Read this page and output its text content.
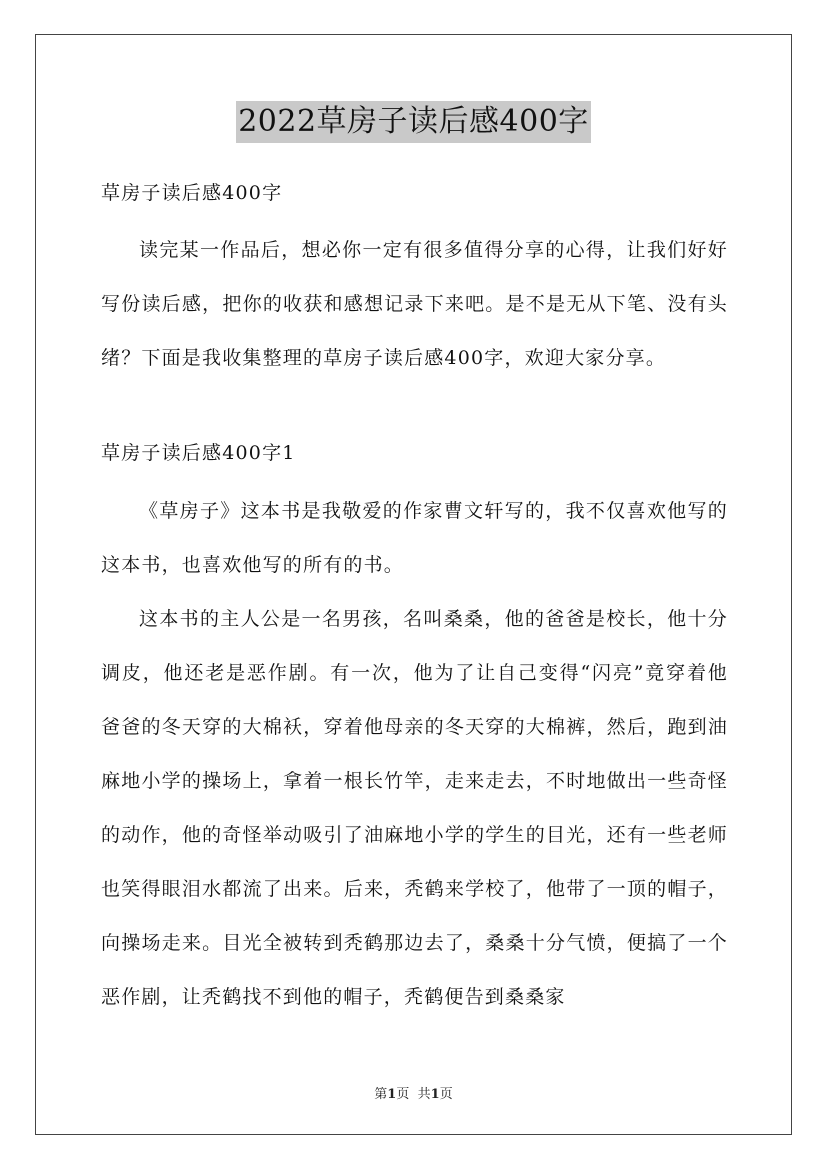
2022草房子读后感400字

草房子读后感400字

读完某一作品后，想必你一定有很多值得分享的心得，让我们好好写份读后感，把你的收获和感想记录下来吧。是不是无从下笔、没有头绪？下面是我收集整理的草房子读后感400字，欢迎大家分享。

草房子读后感400字1

《草房子》这本书是我敬爱的作家曹文轩写的，我不仅喜欢他写的这本书，也喜欢他写的所有的书。

这本书的主人公是一名男孩，名叫桑桑，他的爸爸是校长，他十分调皮，他还老是恶作剧。有一次，他为了让自己变得“闪亮”竟穿着他爸爸的冬天穿的大棉袄，穿着他母亲的冬天穿的大棉裤，然后，跑到油麻地小学的操场上，拿着一根长竹竿，走来走去，不时地做出一些奇怪的动作，他的奇怪举动吸引了油麻地小学的学生的目光，还有一些老师也笑得眼泪水都流了出来。后来，秃鹤来学校了，他带了一顶的帽子，向操场走来。目光全被转到秃鹤那边去了，桑桑十分气愤，便搞了一个恶作剧，让秃鹤找不到他的帽子，秃鹤便告到桑桑家

第1页 共1页
